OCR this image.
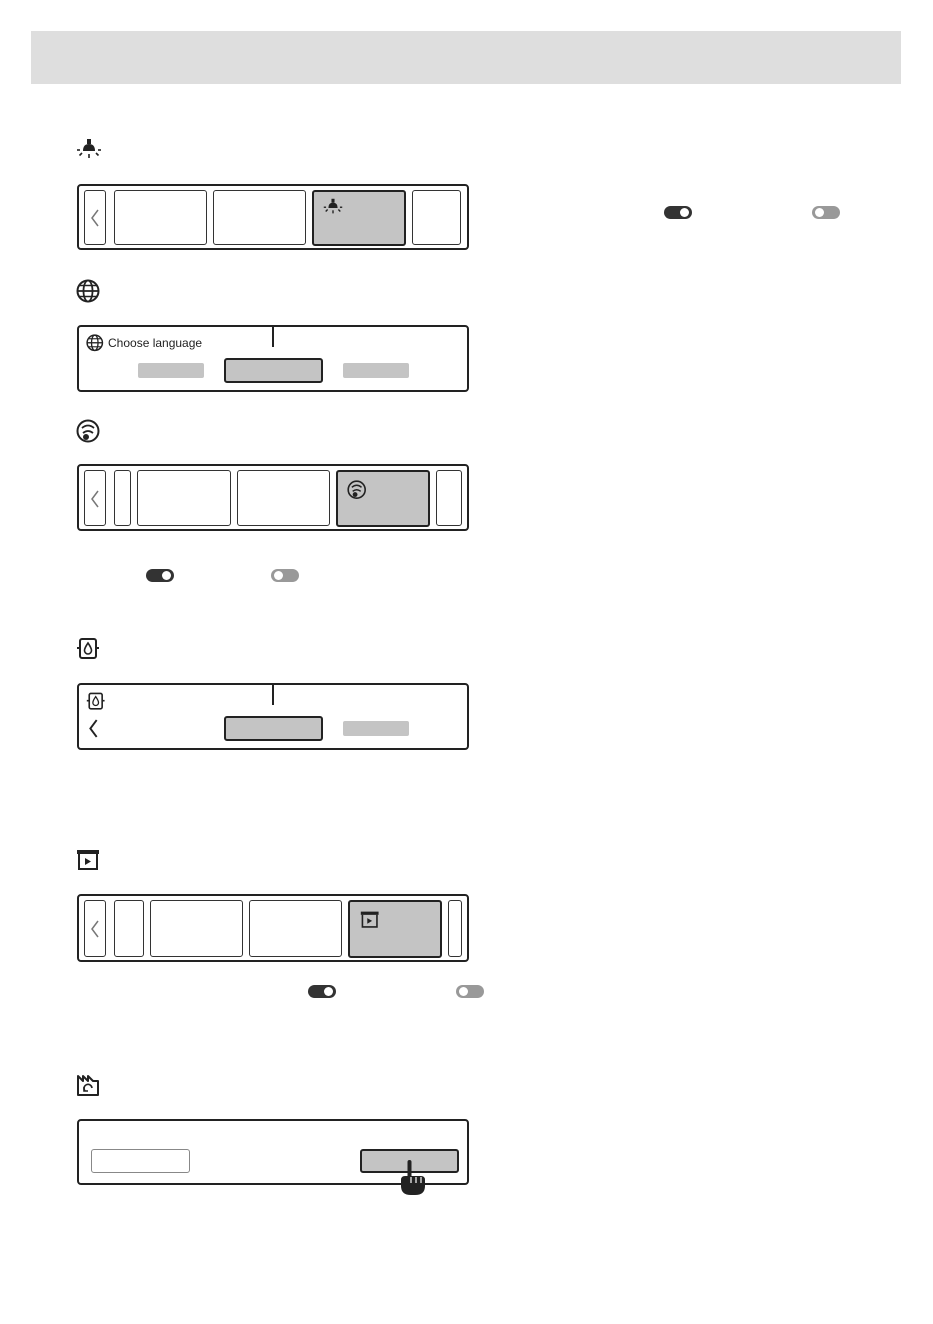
Choose language
